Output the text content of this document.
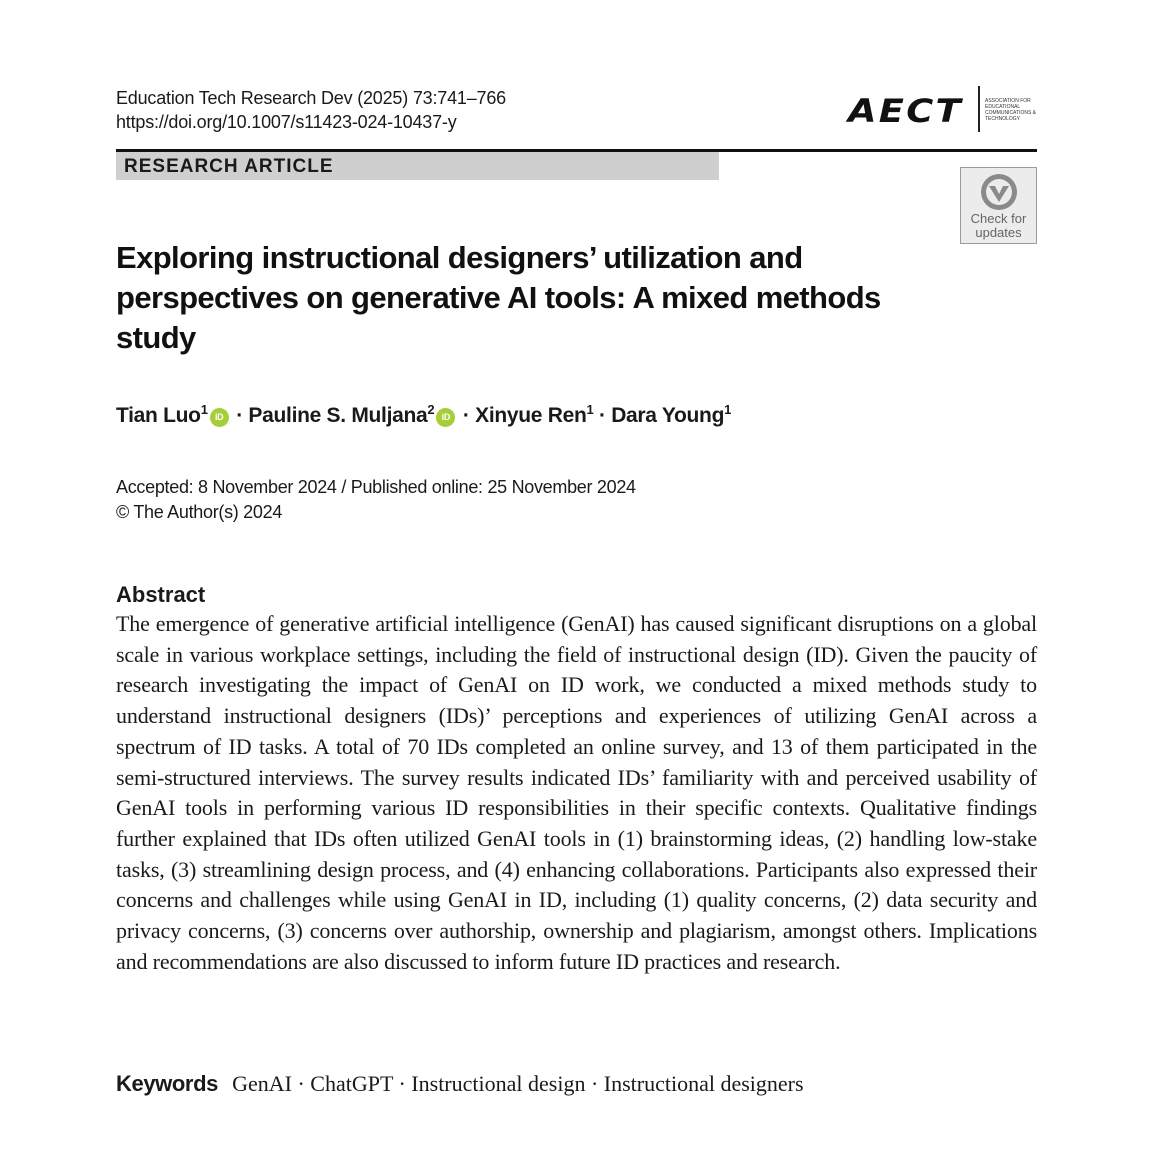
Education Tech Research Dev (2025) 73:741–766
https://doi.org/10.1007/s11423-024-10437-y	AECT	ASSOCIATION FOR EDUCATIONAL COMMUNICATIONS & TECHNOLOGY
RESEARCH ARTICLE
Check for
updates
Exploring instructional designers’ utilization and perspectives on generative AI tools: A mixed methods study
Tian Luo$^1$ iD · Pauline S. Muljana$^2$ iD · Xinyue Ren$^1$ · Dara Young$^1$
Accepted: 8 November 2024 / Published online: 25 November 2024
© The Author(s) 2024
Abstract

The emergence of generative artificial intelligence (GenAI) has caused significant disruptions on a global scale in various workplace settings, including the field of instructional design (ID). Given the paucity of research investigating the impact of GenAI on ID work, we conducted a mixed methods study to understand instructional designers (IDs)’ perceptions and experiences of utilizing GenAI across a spectrum of ID tasks. A total of 70 IDs completed an online survey, and 13 of them participated in the semi-structured interviews. The survey results indicated IDs’ familiarity with and perceived usability of GenAI tools in performing various ID responsibilities in their specific contexts. Qualitative findings further explained that IDs often utilized GenAI tools in (1) brainstorming ideas, (2) handling low-stake tasks, (3) streamlining design process, and (4) enhancing collaborations. Participants also expressed their concerns and challenges while using GenAI in ID, including (1) quality concerns, (2) data security and privacy concerns, (3) concerns over authorship, ownership and plagiarism, amongst others. Implications and recommendations are also discussed to inform future ID practices and research.

Keywords GenAI · ChatGPT · Instructional design · Instructional designers
